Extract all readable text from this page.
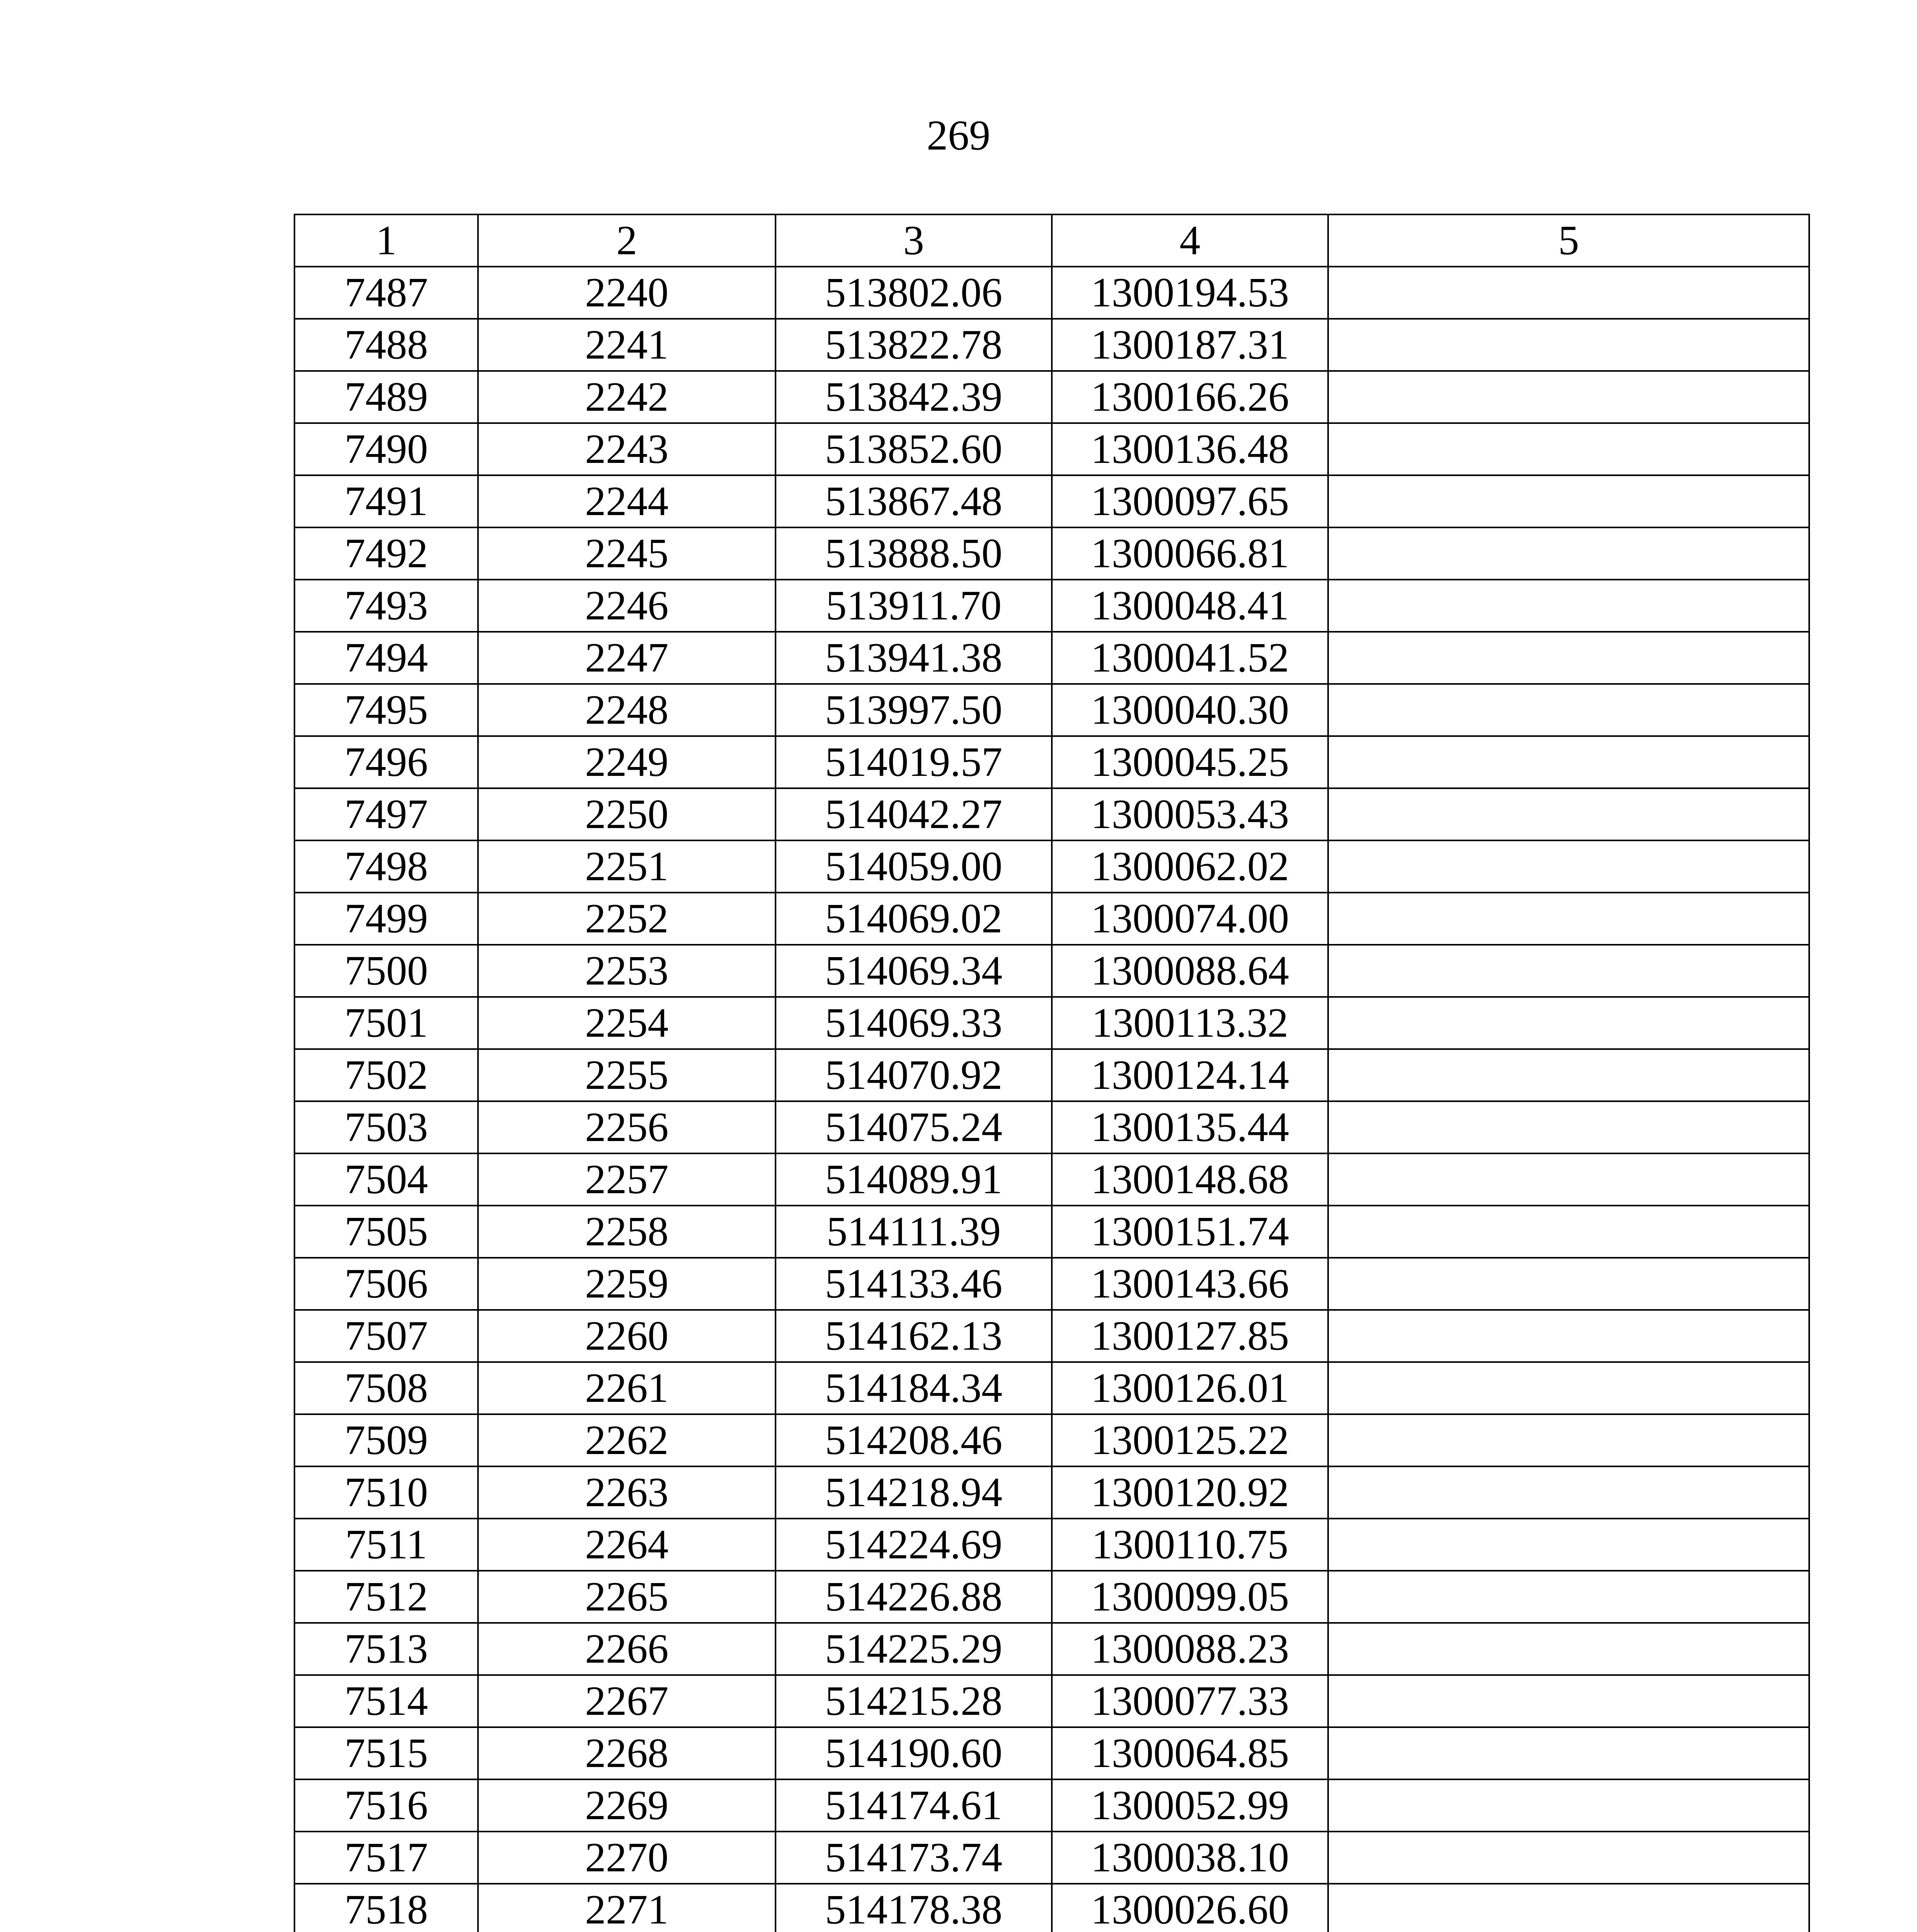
269
1	2	3	4	5
7487	2240	513802.06	1300194.53	
7488	2241	513822.78	1300187.31	
7489	2242	513842.39	1300166.26	
7490	2243	513852.60	1300136.48	
7491	2244	513867.48	1300097.65	
7492	2245	513888.50	1300066.81	
7493	2246	513911.70	1300048.41	
7494	2247	513941.38	1300041.52	
7495	2248	513997.50	1300040.30	
7496	2249	514019.57	1300045.25	
7497	2250	514042.27	1300053.43	
7498	2251	514059.00	1300062.02	
7499	2252	514069.02	1300074.00	
7500	2253	514069.34	1300088.64	
7501	2254	514069.33	1300113.32	
7502	2255	514070.92	1300124.14	
7503	2256	514075.24	1300135.44	
7504	2257	514089.91	1300148.68	
7505	2258	514111.39	1300151.74	
7506	2259	514133.46	1300143.66	
7507	2260	514162.13	1300127.85	
7508	2261	514184.34	1300126.01	
7509	2262	514208.46	1300125.22	
7510	2263	514218.94	1300120.92	
7511	2264	514224.69	1300110.75	
7512	2265	514226.88	1300099.05	
7513	2266	514225.29	1300088.23	
7514	2267	514215.28	1300077.33	
7515	2268	514190.60	1300064.85	
7516	2269	514174.61	1300052.99	
7517	2270	514173.74	1300038.10	
7518	2271	514178.38	1300026.60	
